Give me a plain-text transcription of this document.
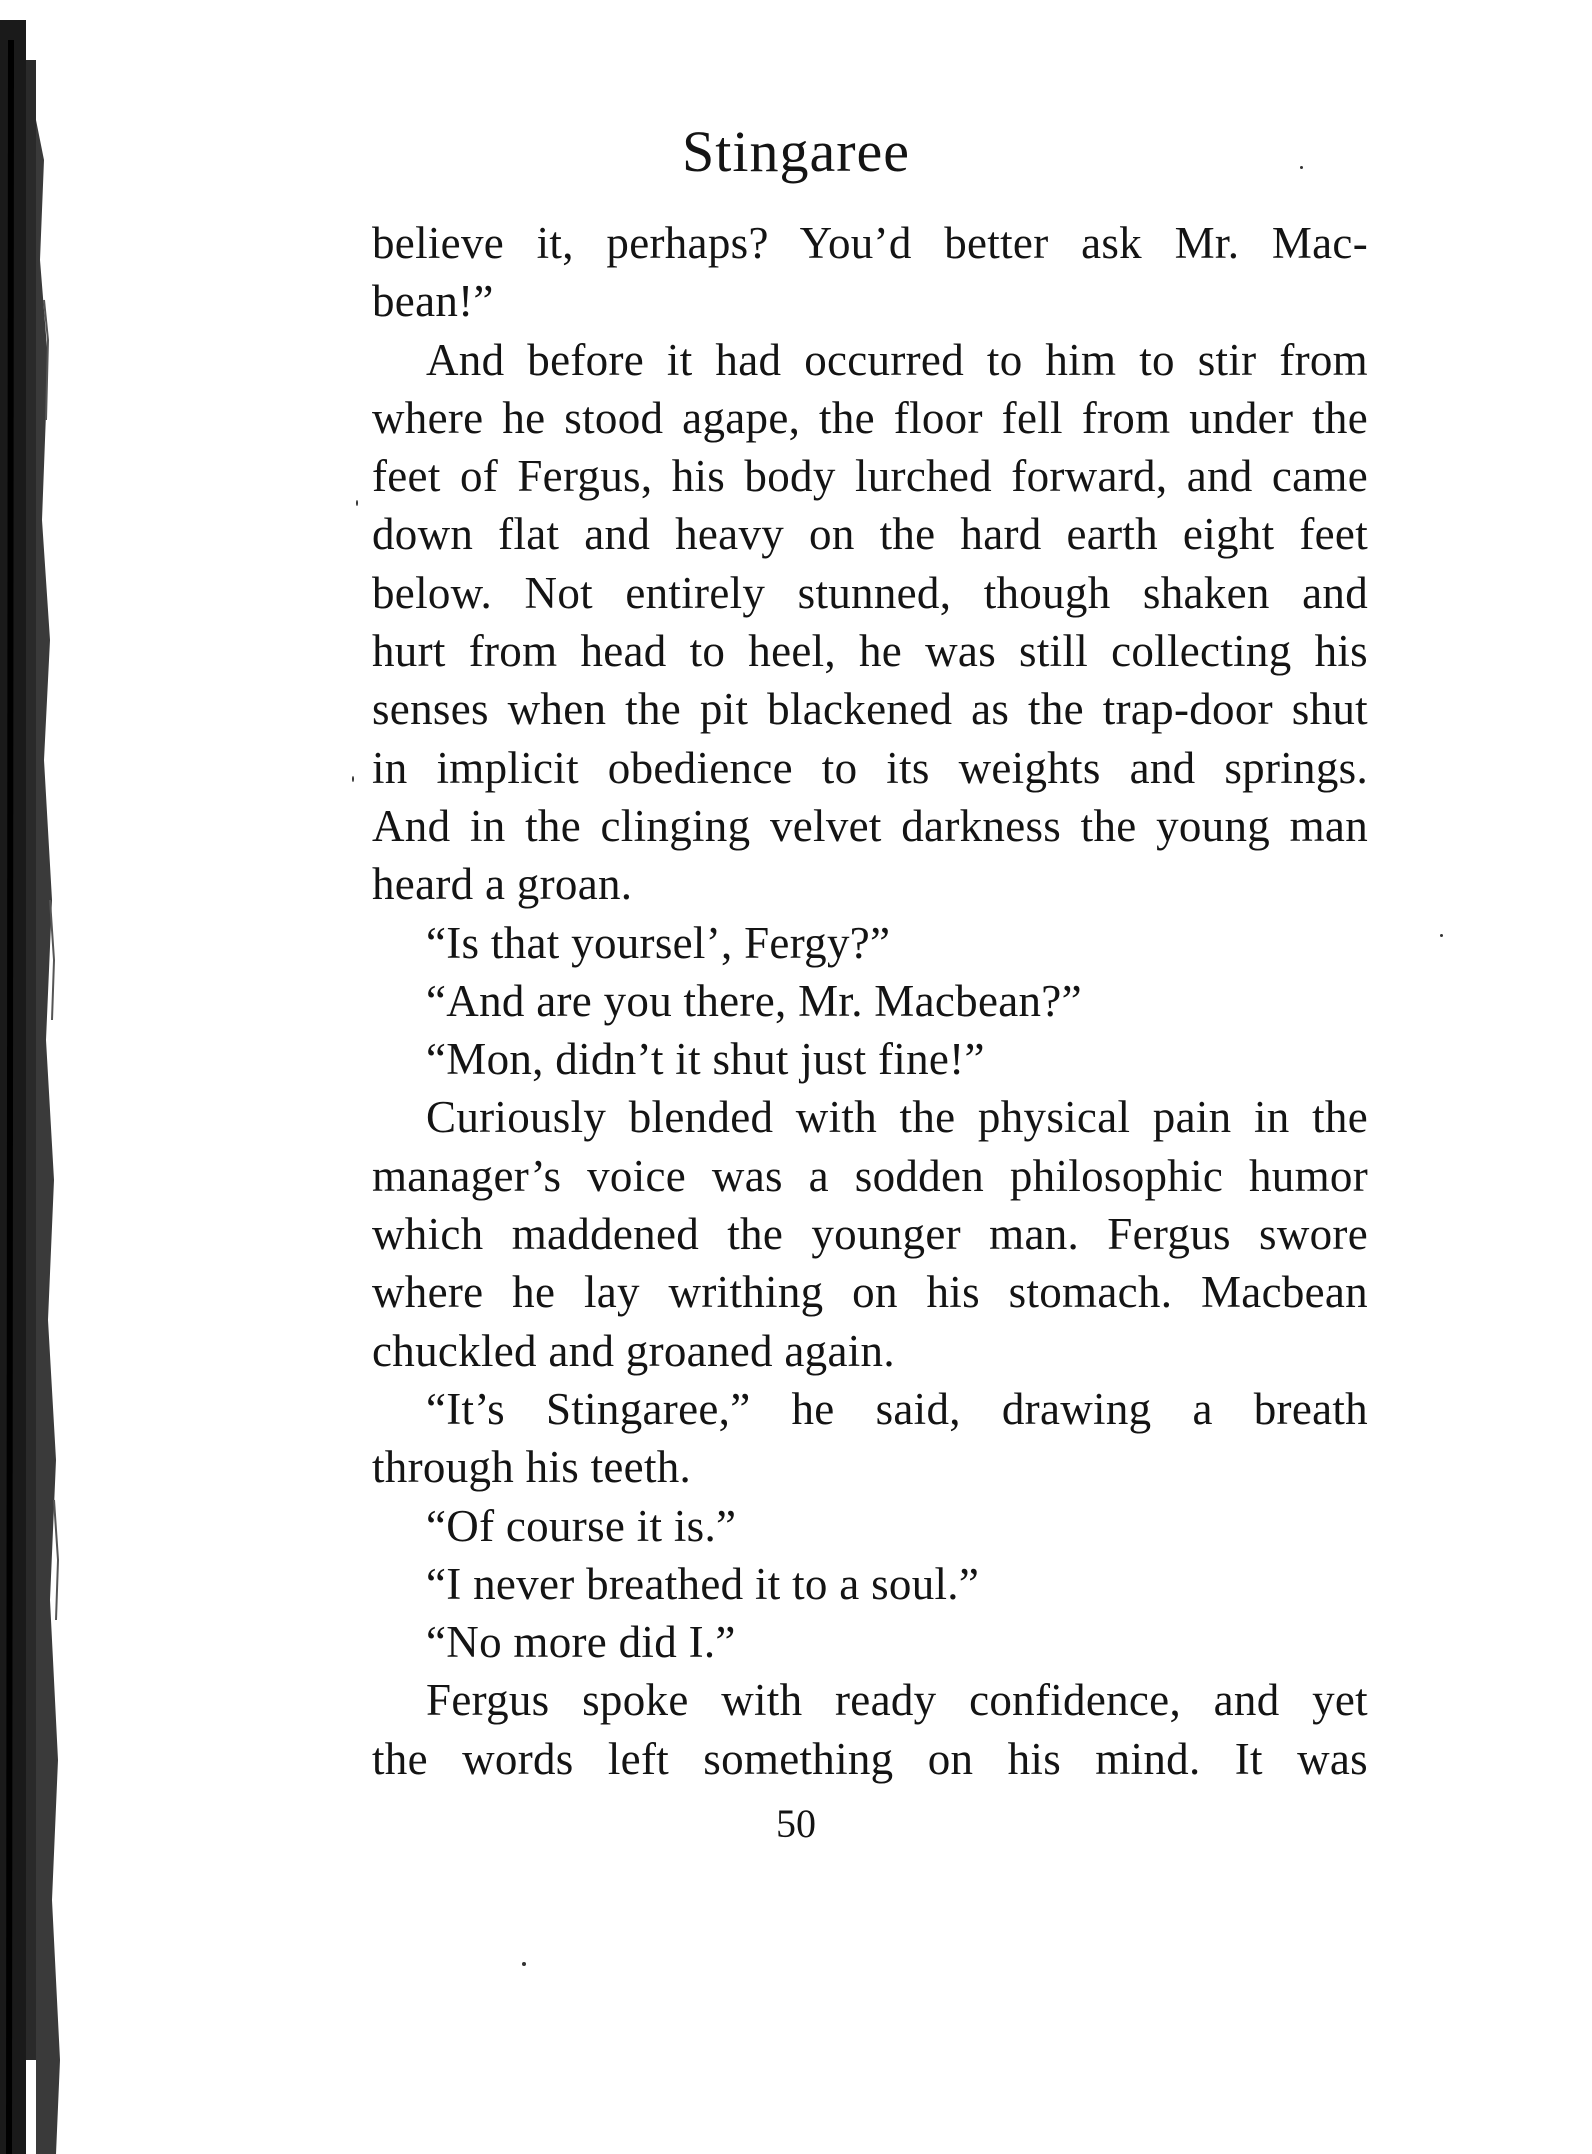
Stingaree
believe it, perhaps? You’d better ask Mr. Mac-
bean!”
And before it had occurred to him to stir from
where he stood agape, the floor fell from under the
feet of Fergus, his body lurched forward, and came
down flat and heavy on the hard earth eight feet
below. Not entirely stunned, though shaken and
hurt from head to heel, he was still collecting his
senses when the pit blackened as the trap-door shut
in implicit obedience to its weights and springs.
And in the clinging velvet darkness the young man
heard a groan.
“Is that yoursel’, Fergy?”
“And are you there, Mr. Macbean?”
“Mon, didn’t it shut just fine!”
Curiously blended with the physical pain in the
manager’s voice was a sodden philosophic humor
which maddened the younger man. Fergus swore
where he lay writhing on his stomach. Macbean
chuckled and groaned again.
“It’s Stingaree,” he said, drawing a breath
through his teeth.
“Of course it is.”
“I never breathed it to a soul.”
“No more did I.”
Fergus spoke with ready confidence, and yet
the words left something on his mind. It was
50
